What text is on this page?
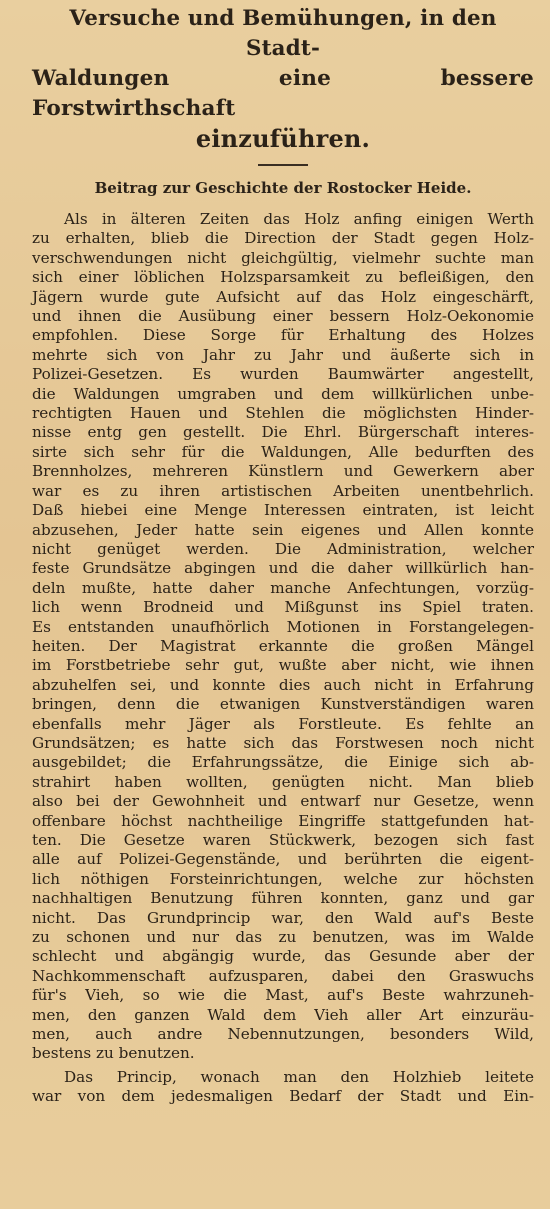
Versuche und Bemühungen, in den Stadt-
Waldungen eine bessere Forstwirthschaft
einzuführen.
Beitrag zur Geschichte der Rostocker Heide.
Als in älteren Zeiten das Holz anfing einigen Werth
zu erhalten, blieb die Direction der Stadt gegen Holz-
verschwendungen nicht gleichgültig, vielmehr suchte man
sich einer löblichen Holzsparsamkeit zu befleißigen, den
Jägern wurde gute Aufsicht auf das Holz eingeschärft,
und ihnen die Ausübung einer bessern Holz-Oekonomie
empfohlen. Diese Sorge für Erhaltung des Holzes
mehrte sich von Jahr zu Jahr und äußerte sich in
Polizei-Gesetzen. Es wurden Baumwärter angestellt,
die Waldungen umgraben und dem willkürlichen unbe-
rechtigten Hauen und Stehlen die möglichsten Hinder-
nisse entg gen gestellt. Die Ehrl. Bürgerschaft interes-
sirte sich sehr für die Waldungen, Alle bedurften des
Brennholzes, mehreren Künstlern und Gewerkern aber
war es zu ihren artistischen Arbeiten unentbehrlich.
Daß hiebei eine Menge Interessen eintraten, ist leicht
abzusehen, Jeder hatte sein eigenes und Allen konnte
nicht genüget werden. Die Administration, welcher
feste Grundsätze abgingen und die daher willkürlich han-
deln mußte, hatte daher manche Anfechtungen, vorzüg-
lich wenn Brodneid und Mißgunst ins Spiel traten.
Es entstanden unaufhörlich Motionen in Forstangelegen-
heiten. Der Magistrat erkannte die großen Mängel
im Forstbetriebe sehr gut, wußte aber nicht, wie ihnen
abzuhelfen sei, und konnte dies auch nicht in Erfahrung
bringen, denn die etwanigen Kunstverständigen waren
ebenfalls mehr Jäger als Forstleute. Es fehlte an
Grundsätzen; es hatte sich das Forstwesen noch nicht
ausgebildet; die Erfahrungssätze, die Einige sich ab-
strahirt haben wollten, genügten nicht. Man blieb
also bei der Gewohnheit und entwarf nur Gesetze, wenn
offenbare höchst nachtheilige Eingriffe stattgefunden hat-
ten. Die Gesetze waren Stückwerk, bezogen sich fast
alle auf Polizei-Gegenstände, und berührten die eigent-
lich nöthigen Forsteinrichtungen, welche zur höchsten
nachhaltigen Benutzung führen konnten, ganz und gar
nicht. Das Grundprincip war, den Wald auf's Beste
zu schonen und nur das zu benutzen, was im Walde
schlecht und abgängig wurde, das Gesunde aber der
Nachkommenschaft aufzusparen, dabei den Graswuchs
für's Vieh, so wie die Mast, auf's Beste wahrzuneh-
men, den ganzen Wald dem Vieh aller Art einzuräu-
men, auch andre Nebennutzungen, besonders Wild,
bestens zu benutzen.
Das Princip, wonach man den Holzhieb leitete
war von dem jedesmaligen Bedarf der Stadt und Ein-
